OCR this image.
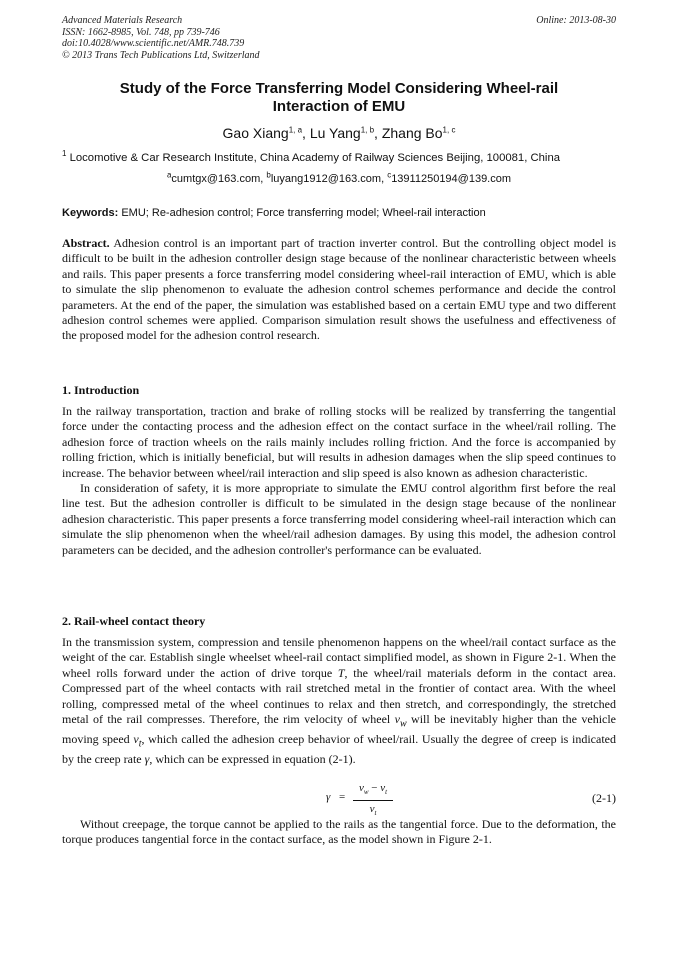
Advanced Materials Research
ISSN: 1662-8985, Vol. 748, pp 739-746
doi:10.4028/www.scientific.net/AMR.748.739
© 2013 Trans Tech Publications Ltd, Switzerland
Online: 2013-08-30
Study of the Force Transferring Model Considering Wheel-rail
Interaction of EMU
Gao Xiang$^{1, a}$, Lu Yang$^{1, b}$, Zhang Bo$^{1, c}$
$^1$ Locomotive & Car Research Institute, China Academy of Railway Sciences Beijing, 100081, China
$^a$cumtgx@163.com, $^b$luyang1912@163.com, $^c$13911250194@139.com
Keywords: EMU; Re-adhesion control; Force transferring model; Wheel-rail interaction
Abstract. Adhesion control is an important part of traction inverter control. But the controlling object model is difficult to be built in the adhesion controller design stage because of the nonlinear characteristic between wheels and rails. This paper presents a force transferring model considering wheel-rail interaction of EMU, which is able to simulate the slip phenomenon to evaluate the adhesion control schemes performance and decide the control parameters. At the end of the paper, the simulation was established based on a certain EMU type and two different adhesion control schemes were applied. Comparison simulation result shows the usefulness and effectiveness of the proposed model for the adhesion control research.
1. Introduction

In the railway transportation, traction and brake of rolling stocks will be realized by transferring the tangential force under the contacting process and the adhesion effect on the contact surface in the wheel/rail rolling. The adhesion force of traction wheels on the rails mainly includes rolling friction. And the force is accompanied by rolling friction, which is initially beneficial, but will results in adhesion damages when the slip speed continues to increase. The behavior between wheel/rail interaction and slip speed is also known as adhesion characteristic.

In consideration of safety, it is more appropriate to simulate the EMU control algorithm first before the real line test. But the adhesion controller is difficult to be simulated in the design stage because of the nonlinear adhesion characteristic. This paper presents a force transferring model considering wheel-rail interaction which can simulate the slip phenomenon when the wheel/rail adhesion damages. By using this model, the adhesion control parameters can be decided, and the adhesion controller's performance can be evaluated.

2. Rail-wheel contact theory

In the transmission system, compression and tensile phenomenon happens on the wheel/rail contact surface as the weight of the car. Establish single wheelset wheel-rail contact simplified model, as shown in Figure 2-1. When the wheel rolls forward under the action of drive torque T, the wheel/rail materials deform in the contact area. Compressed part of the wheel contacts with rail stretched metal in the frontier of contact area. With the wheel rolling, compressed metal of the wheel continues to relax and then stretch, and correspondingly, the stretched metal of the rail compresses. Therefore, the rim velocity of wheel $v_w$ will be inevitably higher than the vehicle moving speed $v_t$, which called the adhesion creep behavior of wheel/rail. Usually the degree of creep is indicated by the creep rate γ, which can be expressed in equation (2-1).

γ =
$v_w - v_t$
$v_t$
(2-1)

Without creepage, the torque cannot be applied to the rails as the tangential force. Due to the deformation, the torque produces tangential force in the contact surface, as the model shown in Figure 2-1.
